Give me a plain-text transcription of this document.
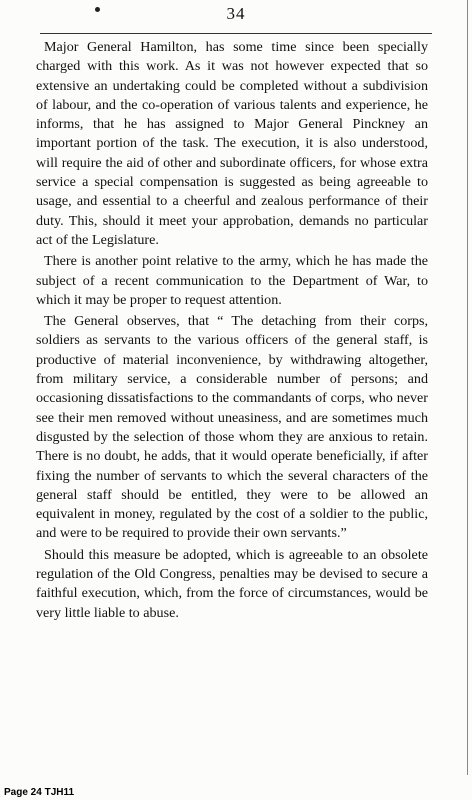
34

Major General Hamilton, has some time since been specially charged with this work. As it was not however expected that so extensive an undertaking could be completed without a subdivision of labour, and the co-operation of various talents and experience, he informs, that he has assigned to Major General Pinckney an important portion of the task. The execution, it is also understood, will require the aid of other and subordinate officers, for whose extra service a special compensation is suggested as being agreeable to usage, and essential to a cheerful and zealous performance of their duty. This, should it meet your approbation, demands no particular act of the Legislature.

There is another point relative to the army, which he has made the subject of a recent communication to the Department of War, to which it may be proper to request attention.

The General observes, that “ The detaching from their corps, soldiers as servants to the various officers of the general staff, is productive of material inconvenience, by withdrawing altogether, from military service, a considerable number of persons; and occasioning dissatisfactions to the commandants of corps, who never see their men removed without uneasiness, and are sometimes much disgusted by the selection of those whom they are anxious to retain. There is no doubt, he adds, that it would operate beneficially, if after fixing the number of servants to which the several characters of the general staff should be entitled, they were to be allowed an equivalent in money, regulated by the cost of a soldier to the public, and were to be required to provide their own servants.”

Should this measure be adopted, which is agreeable to an obsolete regulation of the Old Congress, penalties may be devised to secure a faithful execution, which, from the force of circumstances, would be very little liable to abuse.

Page 24 TJH11
